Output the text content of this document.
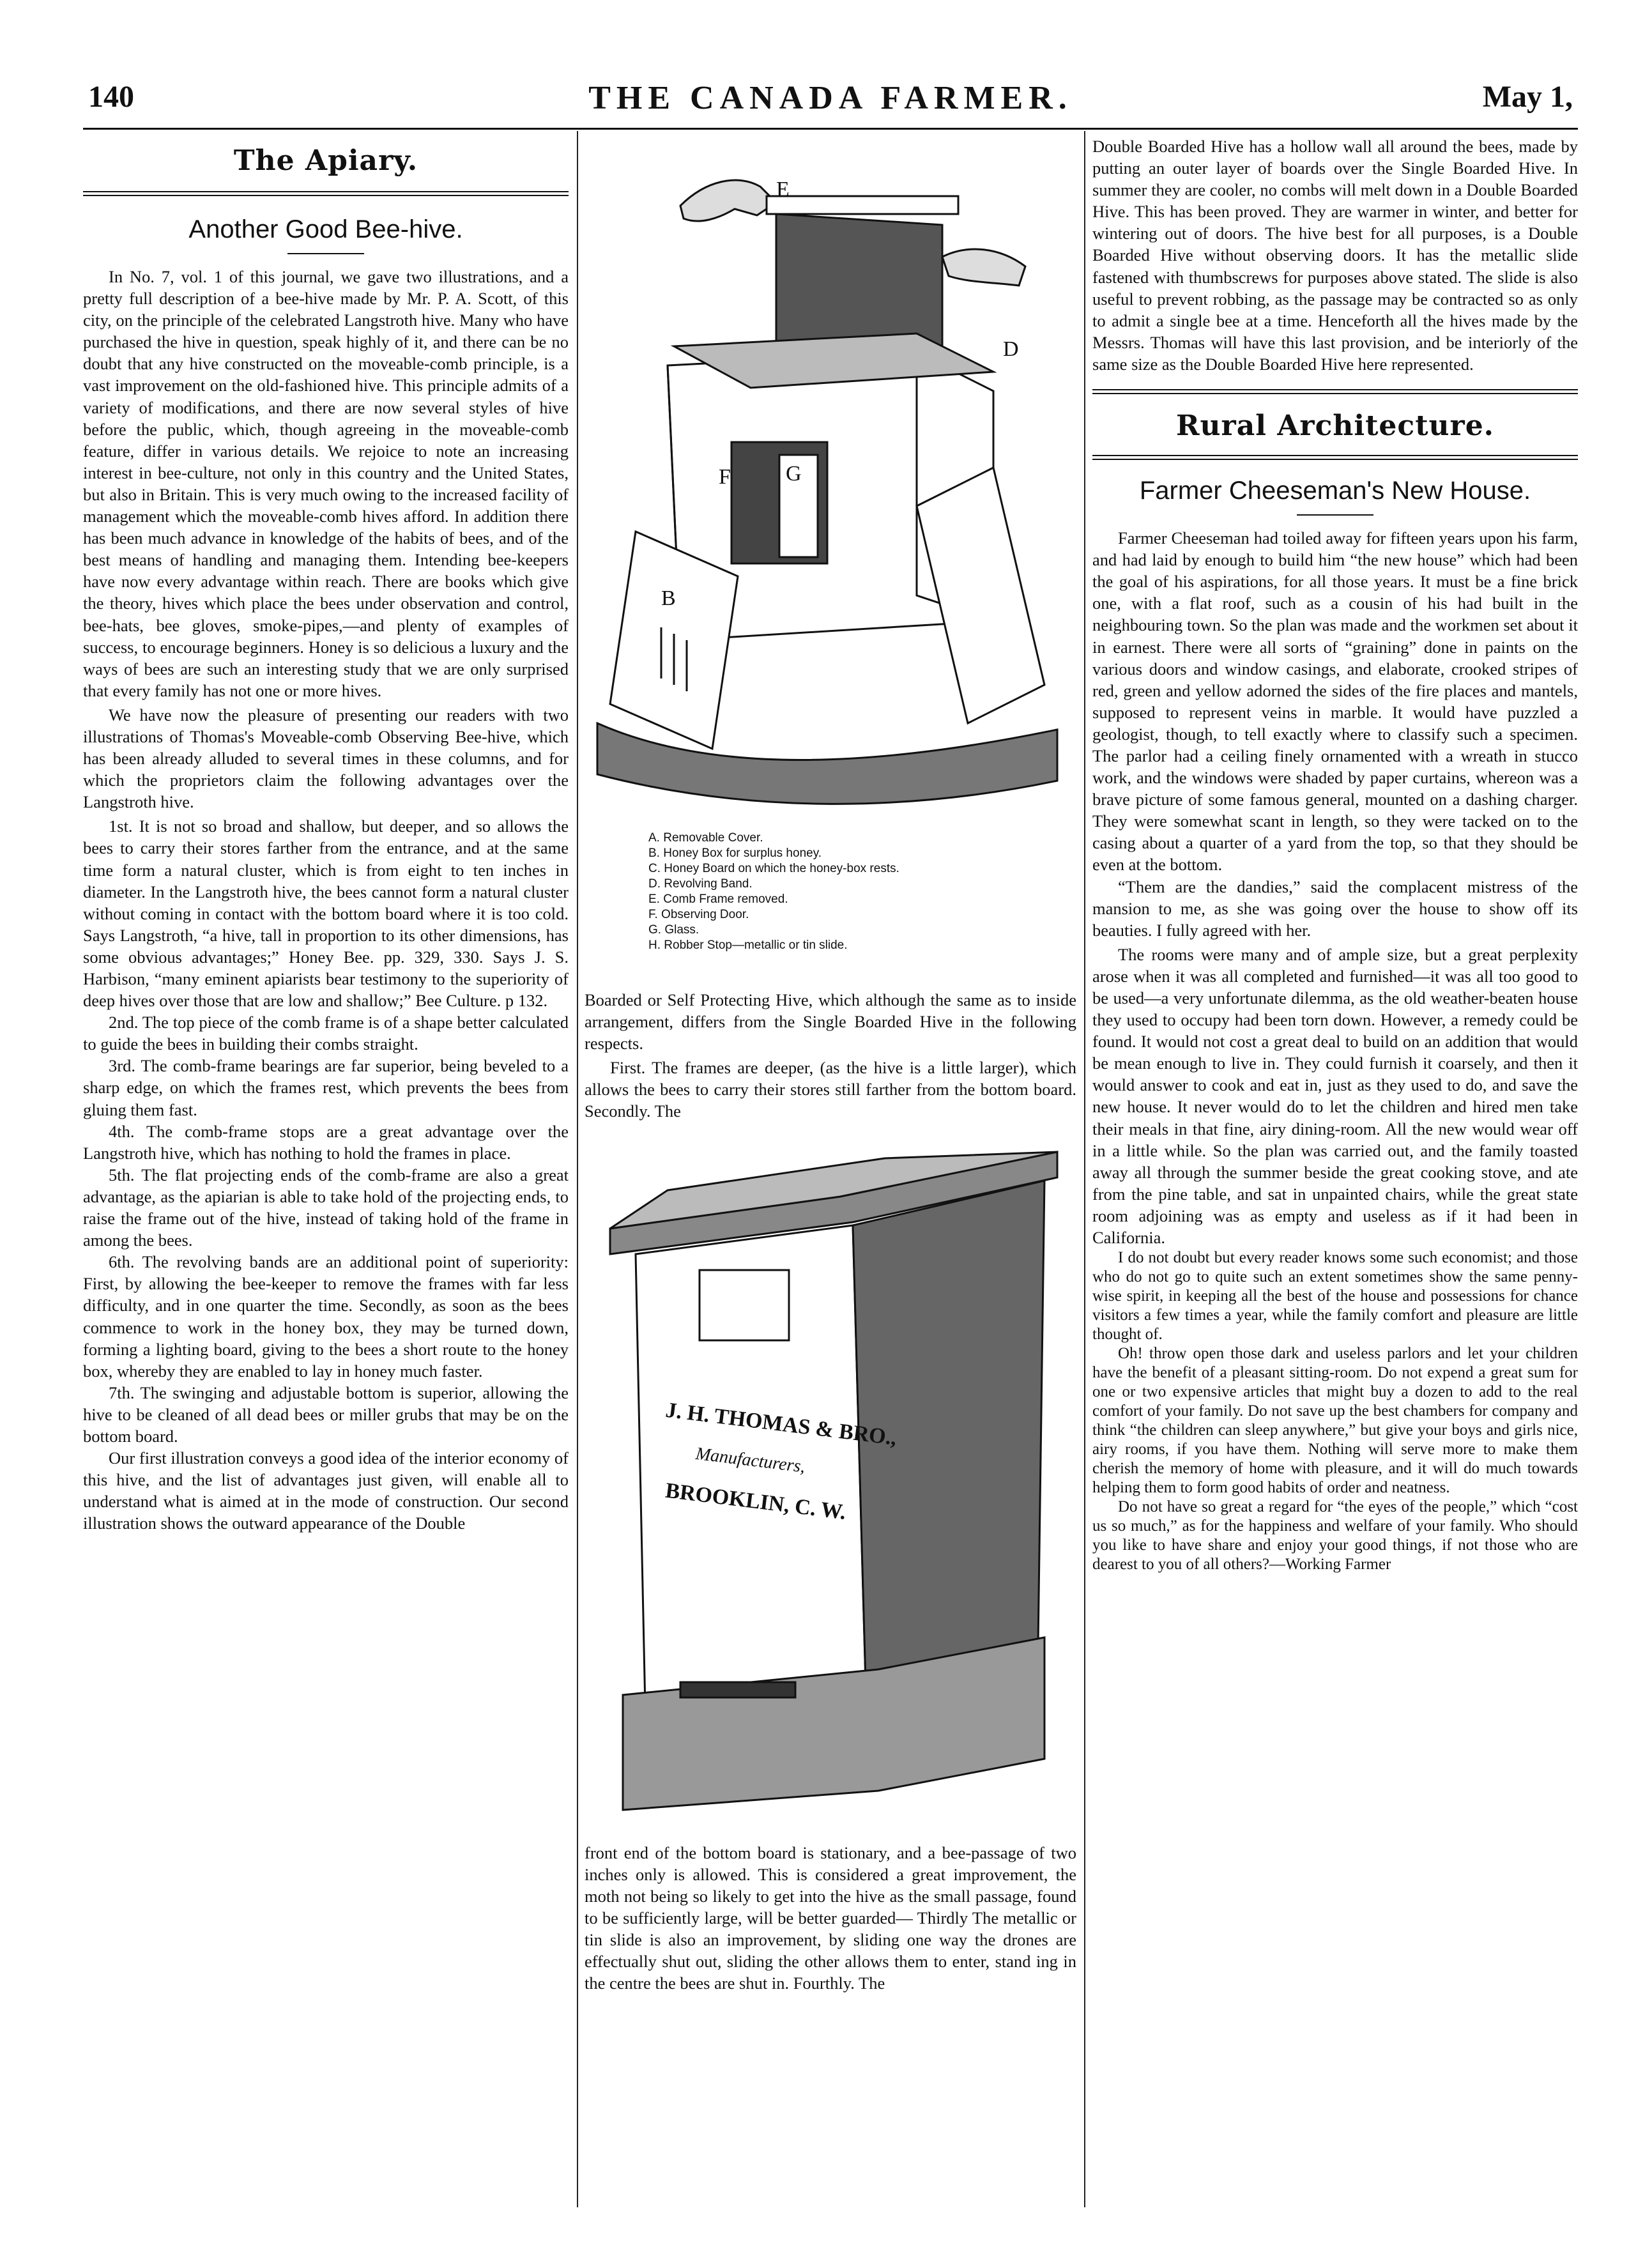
140	THE CANADA FARMER.	May 1,
The Apiary.
Another Good Bee-hive.

In No. 7, vol. 1 of this journal, we gave two illustrations, and a pretty full description of a bee-hive made by Mr. P. A. Scott, of this city, on the principle of the celebrated Langstroth hive. Many who have purchased the hive in question, speak highly of it, and there can be no doubt that any hive constructed on the moveable-comb principle, is a vast improvement on the old-fashioned hive. This principle admits of a variety of modifications, and there are now several styles of hive before the public, which, though agreeing in the moveable-comb feature, differ in various details. We rejoice to note an increasing interest in bee-culture, not only in this country and the United States, but also in Britain. This is very much owing to the increased facility of management which the moveable-comb hives afford. In addition there has been much advance in knowledge of the habits of bees, and of the best means of handling and managing them. Intending bee-keepers have now every advantage within reach. There are books which give the theory, hives which place the bees under observation and control, bee-hats, bee gloves, smoke-pipes,—and plenty of examples of success, to encourage beginners. Honey is so delicious a luxury and the ways of bees are such an interesting study that we are only surprised that every family has not one or more hives.

We have now the pleasure of presenting our readers with two illustrations of Thomas's Moveable-comb Observing Bee-hive, which has been already alluded to several times in these columns, and for which the proprietors claim the following advantages over the Langstroth hive.

1st. It is not so broad and shallow, but deeper, and so allows the bees to carry their stores farther from the entrance, and at the same time form a natural cluster, which is from eight to ten inches in diameter. In the Langstroth hive, the bees cannot form a natural cluster without coming in contact with the bottom board where it is too cold. Says Langstroth, “a hive, tall in proportion to its other dimensions, has some obvious advantages;” Honey Bee. pp. 329, 330. Says J. S. Harbison, “many eminent apiarists bear testimony to the superiority of deep hives over those that are low and shallow;” Bee Culture. p 132.

2nd. The top piece of the comb frame is of a shape better calculated to guide the bees in building their combs straight.

3rd. The comb-frame bearings are far superior, being beveled to a sharp edge, on which the frames rest, which prevents the bees from gluing them fast.

4th. The comb-frame stops are a great advantage over the Langstroth hive, which has nothing to hold the frames in place.

5th. The flat projecting ends of the comb-frame are also a great advantage, as the apiarian is able to take hold of the projecting ends, to raise the frame out of the hive, instead of taking hold of the frame in among the bees.

6th. The revolving bands are an additional point of superiority: First, by allowing the bee-keeper to remove the frames with far less difficulty, and in one quarter the time. Secondly, as soon as the bees commence to work in the honey box, they may be turned down, forming a lighting board, giving to the bees a short route to the honey box, whereby they are enabled to lay in honey much faster.

7th. The swinging and adjustable bottom is superior, allowing the hive to be cleaned of all dead bees or miller grubs that may be on the bottom board.

Our first illustration conveys a good idea of the interior economy of this hive, and the list of advantages just given, will enable all to understand what is aimed at in the mode of construction. Our second illustration shows the outward appearance of the Double

E
D
F	G
B
A. Removable Cover.
B. Honey Box for surplus honey.
C. Honey Board on which the honey-box rests.
D. Revolving Band.
E. Comb Frame removed.
F. Observing Door.
G. Glass.
H. Robber Stop—metallic or tin slide.

Boarded or Self Protecting Hive, which although the same as to inside arrangement, differs from the Single Boarded Hive in the following respects.

First. The frames are deeper, (as the hive is a little larger), which allows the bees to carry their stores still farther from the bottom board. Secondly. The

J. H. THOMAS & BRO.,
Manufacturers,
BROOKLIN, C. W.

front end of the bottom board is stationary, and a bee-passage of two inches only is allowed. This is considered a great improvement, the moth not being so likely to get into the hive as the small passage, found to be sufficiently large, will be better guarded— Thirdly The metallic or tin slide is also an improvement, by sliding one way the drones are effectually shut out, sliding the other allows them to enter, stand ing in the centre the bees are shut in. Fourthly. The

Double Boarded Hive has a hollow wall all around the bees, made by putting an outer layer of boards over the Single Boarded Hive. In summer they are cooler, no combs will melt down in a Double Boarded Hive. This has been proved. They are warmer in winter, and better for wintering out of doors. The hive best for all purposes, is a Double Boarded Hive without observing doors. It has the metallic slide fastened with thumbscrews for purposes above stated. The slide is also useful to prevent robbing, as the passage may be contracted so as only to admit a single bee at a time. Henceforth all the hives made by the Messrs. Thomas will have this last provision, and be interiorly of the same size as the Double Boarded Hive here represented.

Rural Architecture.
Farmer Cheeseman's New House.

Farmer Cheeseman had toiled away for fifteen years upon his farm, and had laid by enough to build him “the new house” which had been the goal of his aspirations, for all those years. It must be a fine brick one, with a flat roof, such as a cousin of his had built in the neighbouring town. So the plan was made and the workmen set about it in earnest. There were all sorts of “graining” done in paints on the various doors and window casings, and elaborate, crooked stripes of red, green and yellow adorned the sides of the fire places and mantels, supposed to represent veins in marble. It would have puzzled a geologist, though, to tell exactly where to classify such a specimen. The parlor had a ceiling finely ornamented with a wreath in stucco work, and the windows were shaded by paper curtains, whereon was a brave picture of some famous general, mounted on a dashing charger. They were somewhat scant in length, so they were tacked on to the casing about a quarter of a yard from the top, so that they should be even at the bottom.

“Them are the dandies,” said the complacent mistress of the mansion to me, as she was going over the house to show off its beauties. I fully agreed with her.

The rooms were many and of ample size, but a great perplexity arose when it was all completed and furnished—it was all too good to be used—a very unfortunate dilemma, as the old weather-beaten house they used to occupy had been torn down. However, a remedy could be found. It would not cost a great deal to build on an addition that would be mean enough to live in. They could furnish it coarsely, and then it would answer to cook and eat in, just as they used to do, and save the new house. It never would do to let the children and hired men take their meals in that fine, airy dining-room. All the new would wear off in a little while. So the plan was carried out, and the family toasted away all through the summer beside the great cooking stove, and ate from the pine table, and sat in unpainted chairs, while the great state room adjoining was as empty and useless as if it had been in California.

I do not doubt but every reader knows some such economist; and those who do not go to quite such an extent sometimes show the same penny-wise spirit, in keeping all the best of the house and possessions for chance visitors a few times a year, while the family comfort and pleasure are little thought of.

Oh! throw open those dark and useless parlors and let your children have the benefit of a pleasant sitting-room. Do not expend a great sum for one or two expensive articles that might buy a dozen to add to the real comfort of your family. Do not save up the best chambers for company and think “the children can sleep anywhere,” but give your boys and girls nice, airy rooms, if you have them. Nothing will serve more to make them cherish the memory of home with pleasure, and it will do much towards helping them to form good habits of order and neatness.

Do not have so great a regard for “the eyes of the people,” which “cost us so much,” as for the happiness and welfare of your family. Who should you like to have share and enjoy your good things, if not those who are dearest to you of all others?—Working Farmer
